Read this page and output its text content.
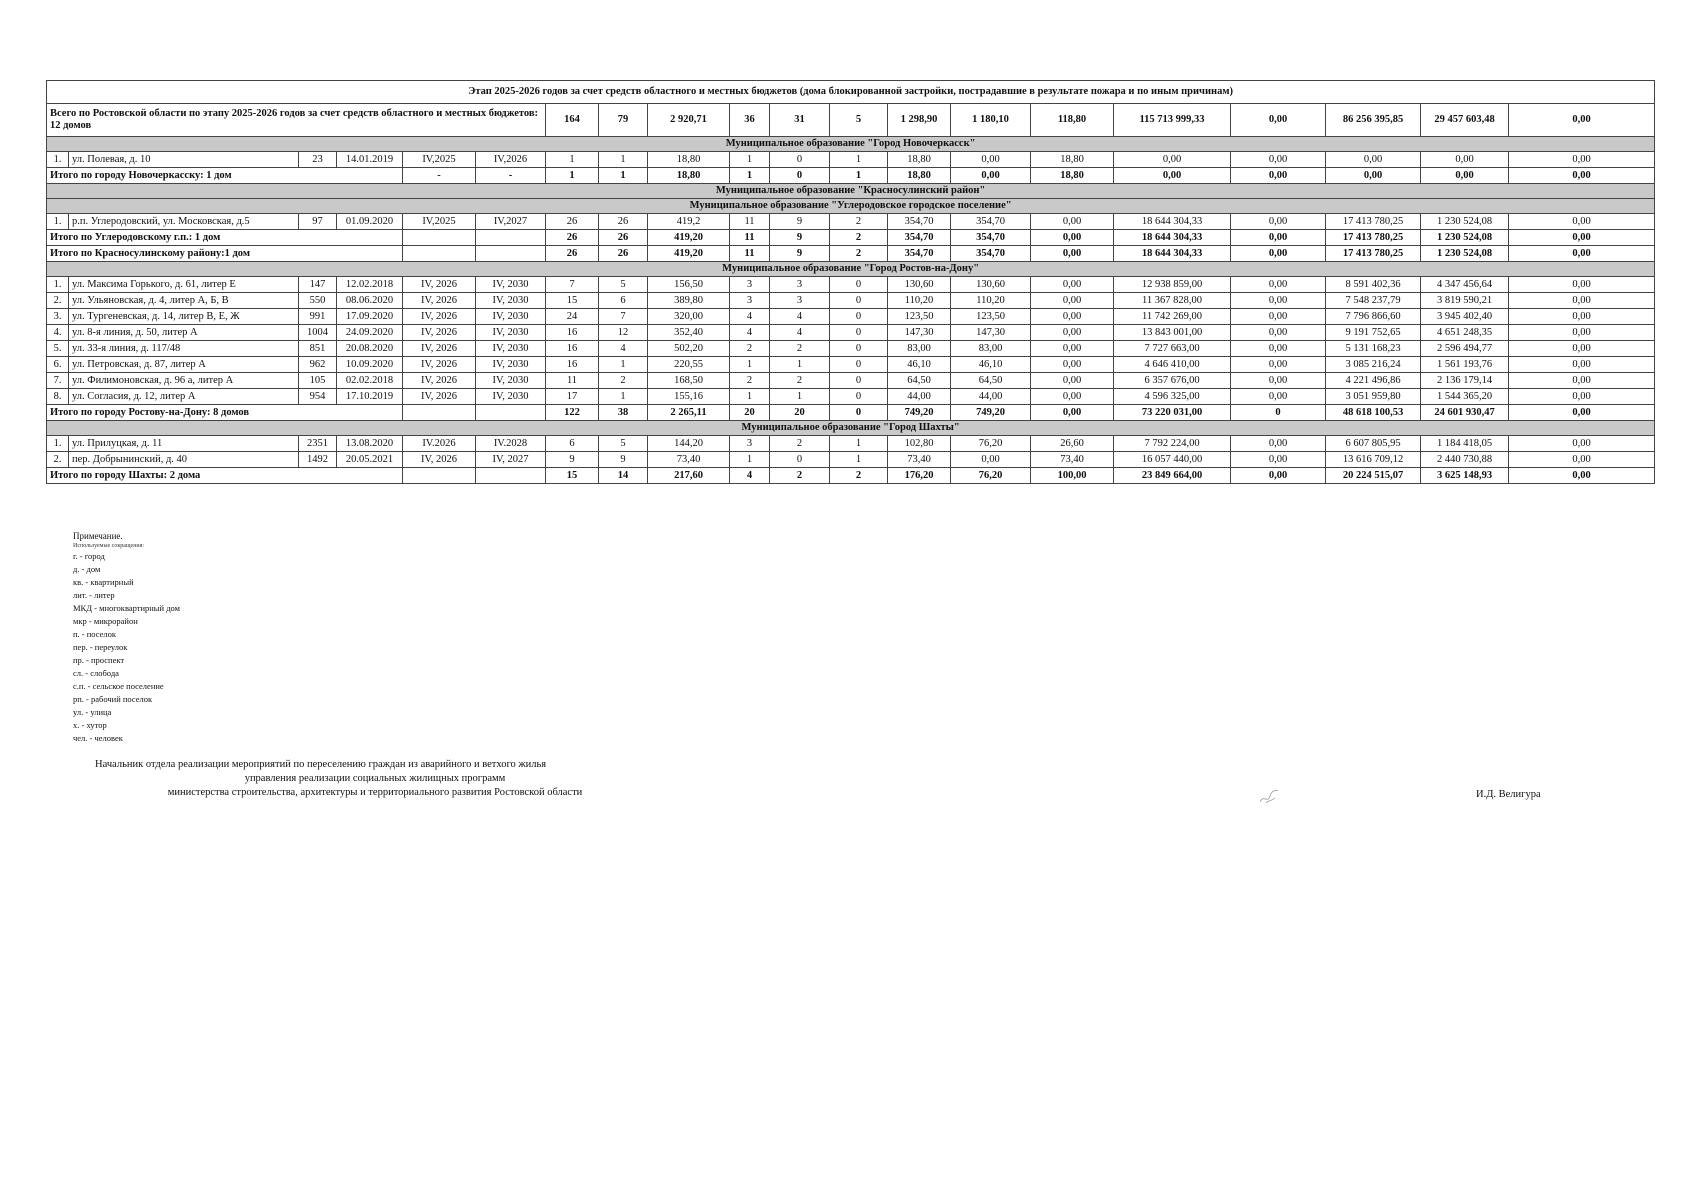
Этап 2025-2026 годов за счет средств областного и местных бюджетов (дома блокированной застройки, пострадавшие в результате пожара и по иным причинам)																			
Всего по Ростовской области по этапу 2025-2026 годов за счет средств областного и местных бюджетов: 12 домов						164	79	2 920,71	36	31	5	1 298,90	1 180,10	118,80	115 713 999,33	0,00	86 256 395,85	29 457 603,48	0,00
Муниципальное образование "Город Новочеркасск"																			
1.	ул. Полевая, д. 10	23	14.01.2019	IV,2025	IV,2026	1	1	18,80	1	0	1	18,80	0,00	18,80	0,00	0,00	0,00	0,00	0,00
Итого по городу Новочеркасску: 1 дом				-	-	1	1	18,80	1	0	1	18,80	0,00	18,80	0,00	0,00	0,00	0,00	0,00
Муниципальное образование "Красносулинский район"																			
Муниципальное образование "Углеродовское городское поселение"																			
1.	р.п. Углеродовский, ул. Московская, д.5	97	01.09.2020	IV,2025	IV,2027	26	26	419,2	11	9	2	354,70	354,70	0,00	18 644 304,33	0,00	17 413 780,25	1 230 524,08	0,00
Итого по Углеродовскому г.п.: 1 дом						26	26	419,20	11	9	2	354,70	354,70	0,00	18 644 304,33	0,00	17 413 780,25	1 230 524,08	0,00
Итого по Красносулинскому району:1 дом						26	26	419,20	11	9	2	354,70	354,70	0,00	18 644 304,33	0,00	17 413 780,25	1 230 524,08	0,00
Муниципальное образование "Город Ростов-на-Дону"																			
1.	ул. Максима Горького, д. 61, литер Е	147	12.02.2018	IV, 2026	IV, 2030	7	5	156,50	3	3	0	130,60	130,60	0,00	12 938 859,00	0,00	8 591 402,36	4 347 456,64	0,00
2.	ул. Ульяновская, д. 4, литер А, Б, В	550	08.06.2020	IV, 2026	IV, 2030	15	6	389,80	3	3	0	110,20	110,20	0,00	11 367 828,00	0,00	7 548 237,79	3 819 590,21	0,00
3.	ул. Тургеневская, д. 14, литер В, Е, Ж	991	17.09.2020	IV, 2026	IV, 2030	24	7	320,00	4	4	0	123,50	123,50	0,00	11 742 269,00	0,00	7 796 866,60	3 945 402,40	0,00
4.	ул. 8-я линия, д. 50, литер А	1004	24.09.2020	IV, 2026	IV, 2030	16	12	352,40	4	4	0	147,30	147,30	0,00	13 843 001,00	0,00	9 191 752,65	4 651 248,35	0,00
5.	ул. 33-я линия, д. 117/48	851	20.08.2020	IV, 2026	IV, 2030	16	4	502,20	2	2	0	83,00	83,00	0,00	7 727 663,00	0,00	5 131 168,23	2 596 494,77	0,00
6.	ул. Петровская, д. 87, литер А	962	10.09.2020	IV, 2026	IV, 2030	16	1	220,55	1	1	0	46,10	46,10	0,00	4 646 410,00	0,00	3 085 216,24	1 561 193,76	0,00
7.	ул. Филимоновская, д. 96 а, литер А	105	02.02.2018	IV, 2026	IV, 2030	11	2	168,50	2	2	0	64,50	64,50	0,00	6 357 676,00	0,00	4 221 496,86	2 136 179,14	0,00
8.	ул. Согласия, д. 12, литер А	954	17.10.2019	IV, 2026	IV, 2030	17	1	155,16	1	1	0	44,00	44,00	0,00	4 596 325,00	0,00	3 051 959,80	1 544 365,20	0,00
Итого по городу Ростову-на-Дону: 8 домов						122	38	2 265,11	20	20	0	749,20	749,20	0,00	73 220 031,00	0	48 618 100,53	24 601 930,47	0,00
Муниципальное образование "Город Шахты"																			
1.	ул. Прилуцкая, д. 11	2351	13.08.2020	IV.2026	IV.2028	6	5	144,20	3	2	1	102,80	76,20	26,60	7 792 224,00	0,00	6 607 805,95	1 184 418,05	0,00
2.	пер. Добрынинский, д. 40	1492	20.05.2021	IV, 2026	IV, 2027	9	9	73,40	1	0	1	73,40	0,00	73,40	16 057 440,00	0,00	13 616 709,12	2 440 730,88	0,00
Итого по городу Шахты: 2 дома						15	14	217,60	4	2	2	176,20	76,20	100,00	23 849 664,00	0,00	20 224 515,07	3 625 148,93	0,00
Примечание.
Используемые сокращения:
г. - город
д. - дом
кв. - квартирный
лит. - литер
МКД - многоквартирный дом
мкр - микрорайон
п. - поселок
пер. - переулок
пр. - проспект
сл. - слобода
с.п. - сельское поселение
рп. - рабочий поселок
ул. - улица
х. - хутор
чел. - человек
Начальник отдела реализации мероприятий по переселению граждан из аварийного и ветхого жилья
управления реализации социальных жилищных программ
министерства строительства, архитектуры и территориального развития Ростовской области	И.Д. Велигура
